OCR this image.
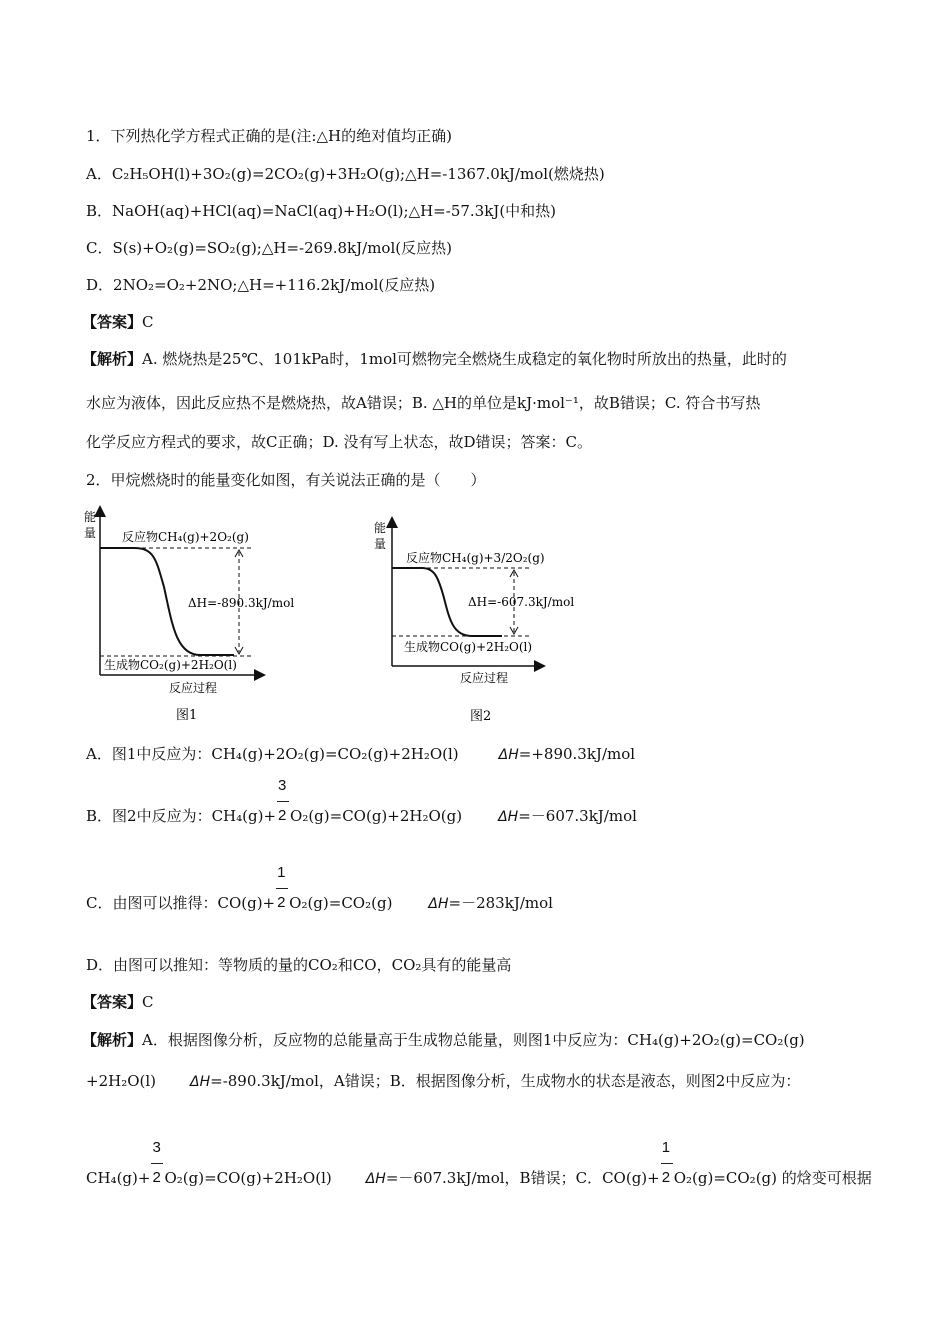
1．下列热化学方程式正确的是(注:△H的绝对值均正确)
A．C₂H₅OH(l)+3O₂(g)=2CO₂(g)+3H₂O(g);△H=-1367.0kJ/mol(燃烧热)
B．NaOH(aq)+HCl(aq)=NaCl(aq)+H₂O(l);△H=-57.3kJ(中和热)
C．S(s)+O₂(g)=SO₂(g);△H=-269.8kJ/mol(反应热)
D．2NO₂=O₂+2NO;△H=+116.2kJ/mol(反应热)
【答案】C
【解析】A. 燃烧热是25℃、101kPa时，1mol可燃物完全燃烧生成稳定的氧化物时所放出的热量，此时的
水应为液体，因此反应热不是燃烧热，故A错误；B. △H的单位是kJ·mol⁻¹，故B错误；C. 符合书写热
化学反应方程式的要求，故C正确；D. 没有写上状态，故D错误；答案：C。
2．甲烷燃烧时的能量变化如图，有关说法正确的是（　　）
能
量 反应物CH₄(g)+2O₂(g)
生成物CO₂(g)+2H₂O(l)
ΔH=-890.3kJ/mol
反应过程
图1
能
量
反应物CH₄(g)+3/2O₂(g)
生成物CO(g)+2H₂O(l)
ΔH=-607.3kJ/mol
反应过程
图2
A．图1中反应为：CH₄(g)+2O₂(g)=CO₂(g)+2H₂O(l)	ΔH=+890.3kJ/mol
B．图2中反应为：$CH_4(g)+ \frac{3}{2} O_2(g)=CO(g)+2H_2O(g)$	ΔH=－607.3kJ/mol
C．由图可以推得：$CO(g)+ \frac{1}{2} O_2(g)=CO_2(g)$	ΔH=－283kJ/mol
D．由图可以推知：等物质的量的CO₂和CO，CO₂具有的能量高
【答案】C
【解析】A．根据图像分析，反应物的总能量高于生成物总能量，则图1中反应为：CH₄(g)+2O₂(g)=CO₂(g)
+2H₂O(l) ΔH=-890.3kJ/mol，A错误；B．根据图像分析，生成物水的状态是液态，则图2中反应为：
$CH_4(g)+ \frac{3}{2} O_2(g)=CO(g)+2H_2O(l)$ ΔH=－607.3kJ/mol，B错误；C．$CO(g)+ \frac{1}{2} O_2(g)=CO_2(g)$ 的焓变可根据
